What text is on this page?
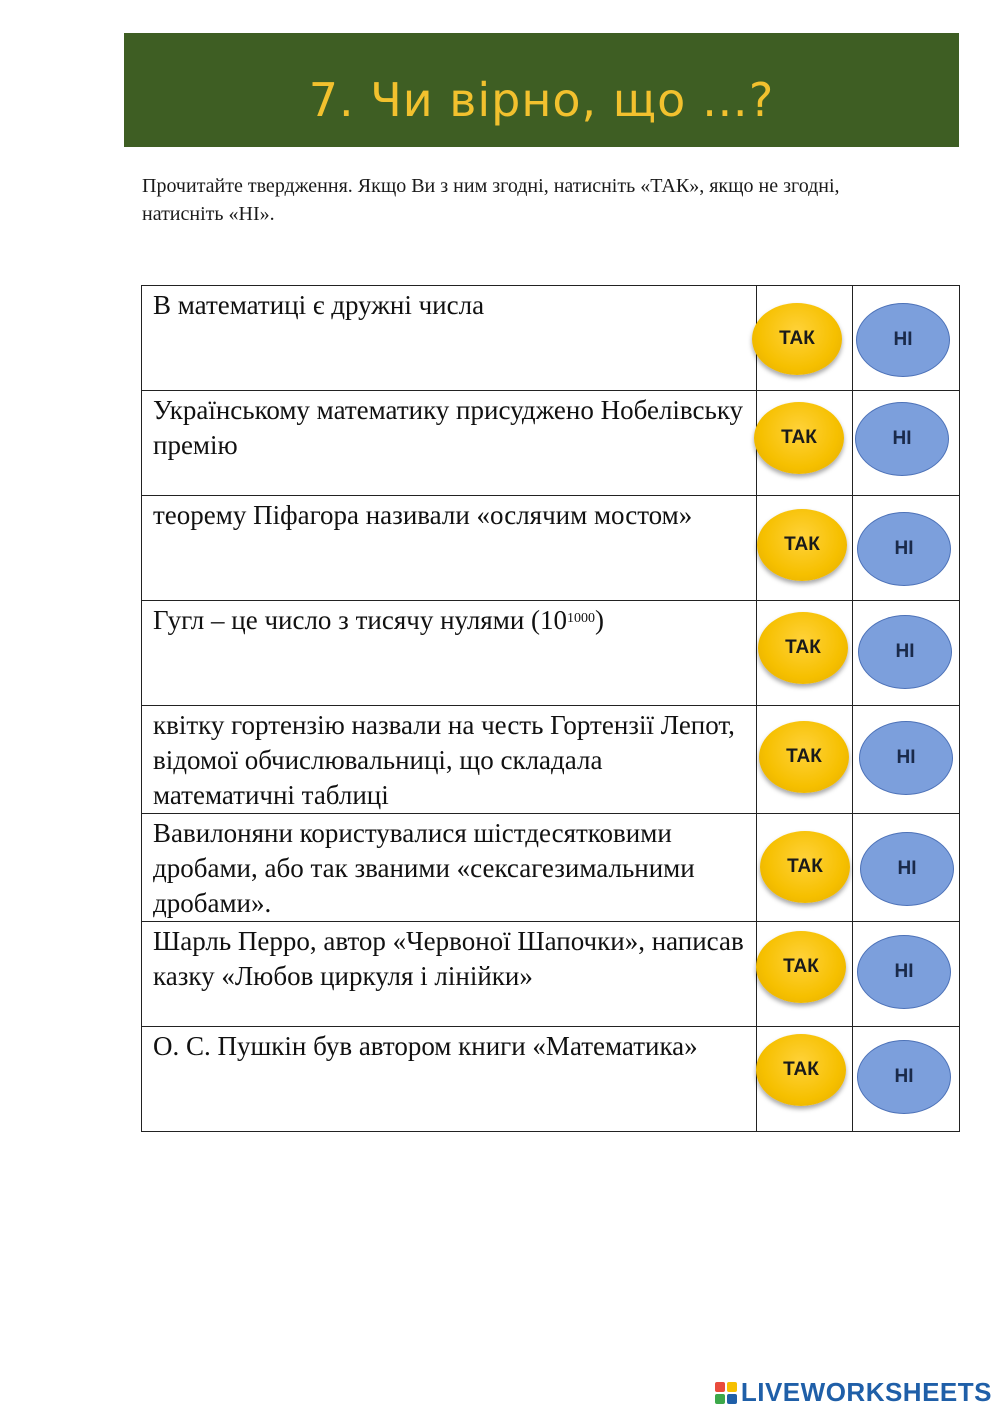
7. Чи вірно, що …?
Прочитайте твердження. Якщо Ви з ним згодні, натисніть «ТАК», якщо не згодні, натисніть «НІ».
В математиці є дружні числа	ТАК	НІ

Українському математику присуджено Нобелівську премію	ТАК	НІ

теорему Піфагора називали «ослячим мостом»	ТАК	НІ

Гугл – це число з тисячу нулями $(10^{1000})$	ТАК	НІ

квітку гортензію назвали на честь Гортензії Лепот, відомої обчислювальниці, що складала математичні таблиці	ТАК	НІ

Вавилоняни користувалися шістдесятковими дробами, або так званими «сексагезимальними дробами».	ТАК	НІ

Шарль Перро, автор «Червоної Шапочки», написав казку «Любов циркуля і лінійки»	ТАК	НІ

О. С. Пушкін був автором книги «Математика»	ТАК	НІ
LIVEWORKSHEETS
